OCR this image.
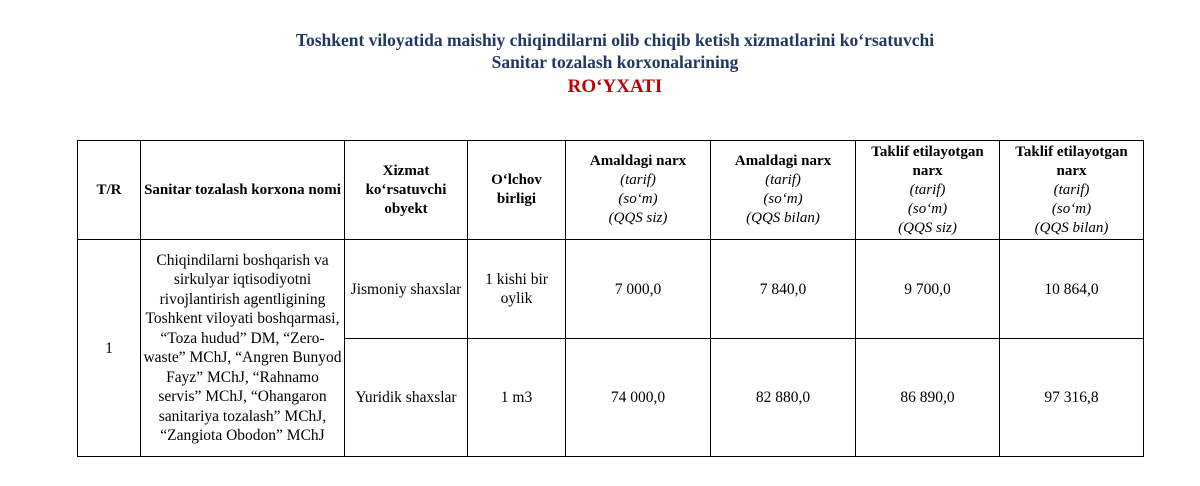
Toshkent viloyatida maishiy chiqindilarni olib chiqib ketish xizmatlarini ko‘rsatuvchi
Sanitar tozalash korxonalarining
RO‘YXATI
T/R	Sanitar tozalash korxona nomi	Xizmat ko‘rsatuvchi obyekt	O‘lchov birligi	Amaldagi narx
(tarif)
(so‘m)
(QQS siz)	Amaldagi narx
(tarif)
(so‘m)
(QQS bilan)	Taklif etilayotgan narx
(tarif)
(so‘m)
(QQS siz)	Taklif etilayotgan narx
(tarif)
(so‘m)
(QQS bilan)

1	Chiqindilarni boshqarish va sirkulyar iqtisodiyotni rivojlantirish agentligining Toshkent viloyati boshqarmasi, “Toza hudud” DM, “Zero-waste” MChJ, “Angren Bunyod Fayz” MChJ, “Rahnamo servis” MChJ, “Ohangaron sanitariya tozalash” MChJ, “Zangiota Obodon” MChJ	Jismoniy shaxslar	1 kishi bir oylik	7 000,0	7 840,0	9 700,0	10 864,0
		Yuridik shaxslar	1 m3	74 000,0	82 880,0	86 890,0	97 316,8
